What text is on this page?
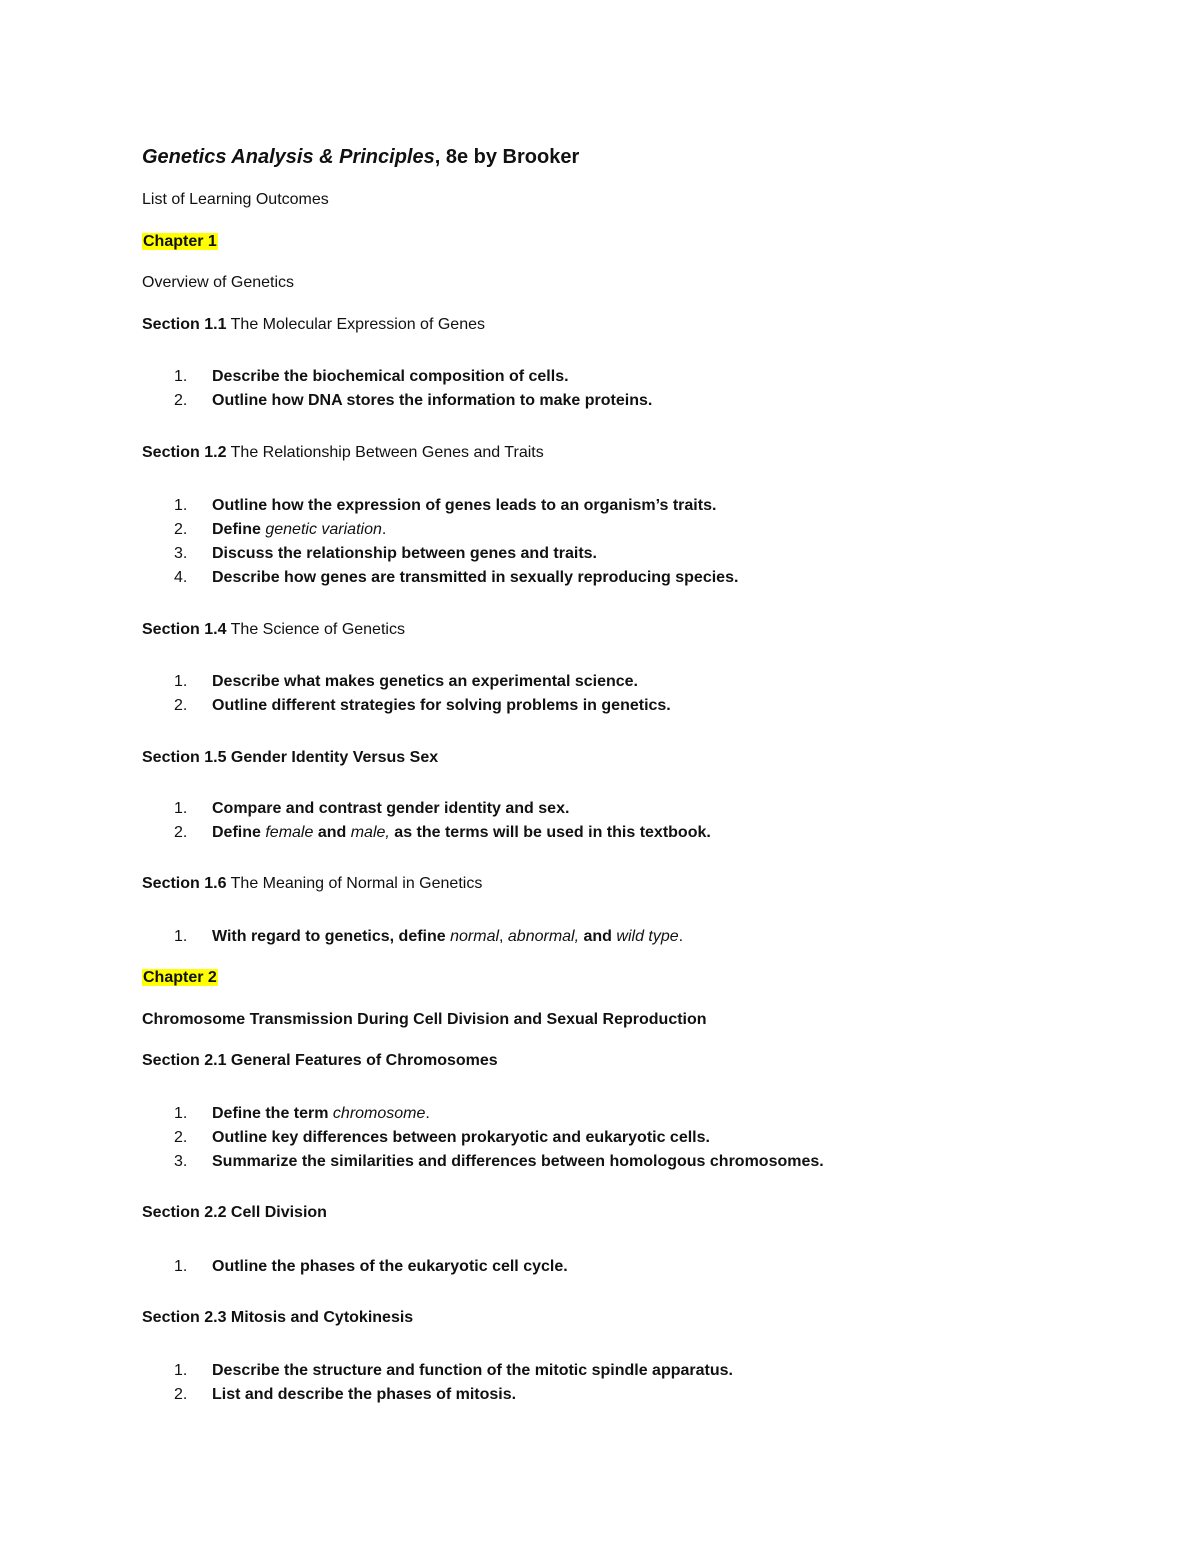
Genetics Analysis & Principles, 8e by Brooker
List of Learning Outcomes
Chapter 1
Overview of Genetics
Section 1.1 The Molecular Expression of Genes
1. Describe the biochemical composition of cells.
2. Outline how DNA stores the information to make proteins.
Section 1.2 The Relationship Between Genes and Traits
1. Outline how the expression of genes leads to an organism’s traits.
2. Define genetic variation.
3. Discuss the relationship between genes and traits.
4. Describe how genes are transmitted in sexually reproducing species.
Section 1.4 The Science of Genetics
1. Describe what makes genetics an experimental science.
2. Outline different strategies for solving problems in genetics.
Section 1.5 Gender Identity Versus Sex
1. Compare and contrast gender identity and sex.
2. Define female and male, as the terms will be used in this textbook.
Section 1.6 The Meaning of Normal in Genetics
1. With regard to genetics, define normal, abnormal, and wild type.
Chapter 2
Chromosome Transmission During Cell Division and Sexual Reproduction
Section 2.1 General Features of Chromosomes
1. Define the term chromosome.
2. Outline key differences between prokaryotic and eukaryotic cells.
3. Summarize the similarities and differences between homologous chromosomes.
Section 2.2 Cell Division
1. Outline the phases of the eukaryotic cell cycle.
Section 2.3 Mitosis and Cytokinesis
1. Describe the structure and function of the mitotic spindle apparatus.
2. List and describe the phases of mitosis.
